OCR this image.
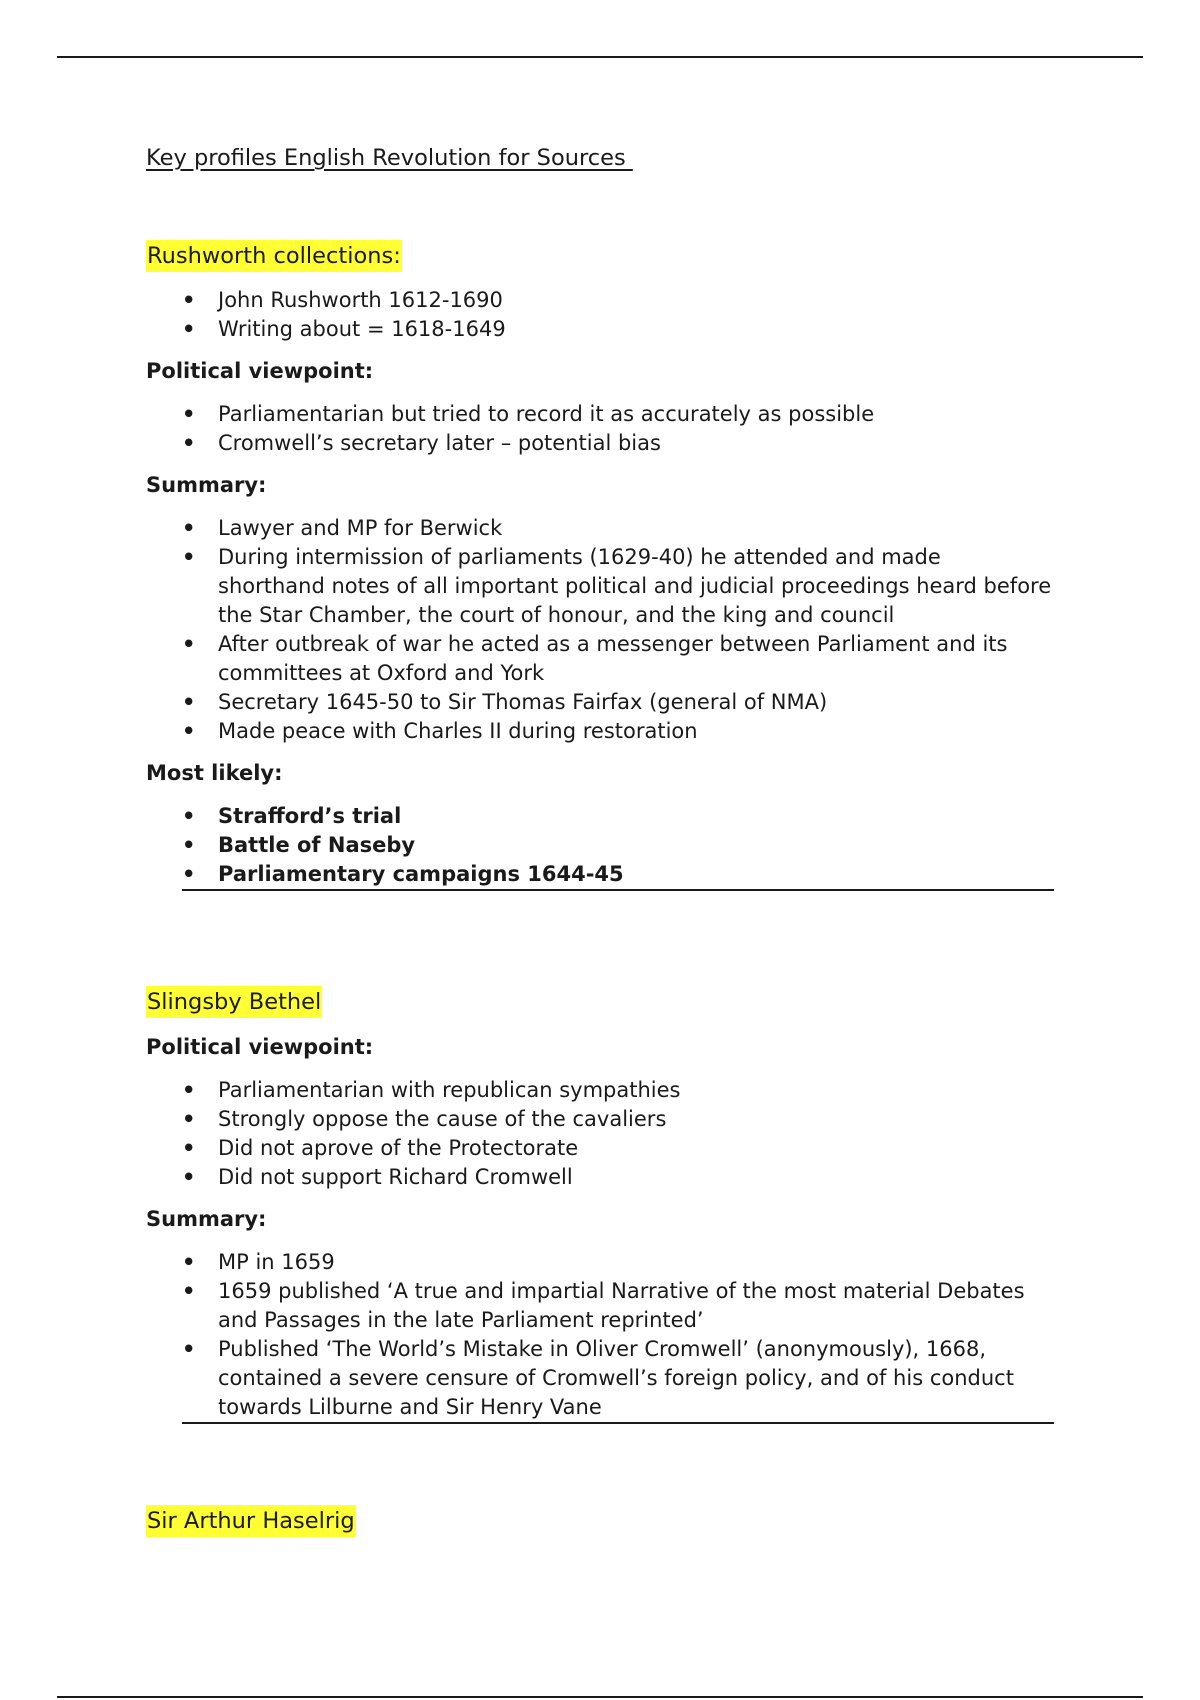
Key profiles English Revolution for Sources
Rushworth collections:
• John Rushworth 1612-1690
• Writing about = 1618-1649

Political viewpoint:

• Parliamentarian but tried to record it as accurately as possible
• Cromwell’s secretary later – potential bias

Summary:

• Lawyer and MP for Berwick
• During intermission of parliaments (1629-40) he attended and made shorthand notes of all important political and judicial proceedings heard before the Star Chamber, the court of honour, and the king and council
• After outbreak of war he acted as a messenger between Parliament and its committees at Oxford and York
• Secretary 1645-50 to Sir Thomas Fairfax (general of NMA)
• Made peace with Charles II during restoration

Most likely:

• Strafford’s trial
• Battle of Naseby
• Parliamentary campaigns 1644-45
Slingsby Bethel

Political viewpoint:

• Parliamentarian with republican sympathies
• Strongly oppose the cause of the cavaliers
• Did not aprove of the Protectorate
• Did not support Richard Cromwell

Summary:

• MP in 1659
• 1659 published ‘A true and impartial Narrative of the most material Debates and Passages in the late Parliament reprinted’
• Published ‘The World’s Mistake in Oliver Cromwell’ (anonymously), 1668, contained a severe censure of Cromwell’s foreign policy, and of his conduct towards Lilburne and Sir Henry Vane
Sir Arthur Haselrig
